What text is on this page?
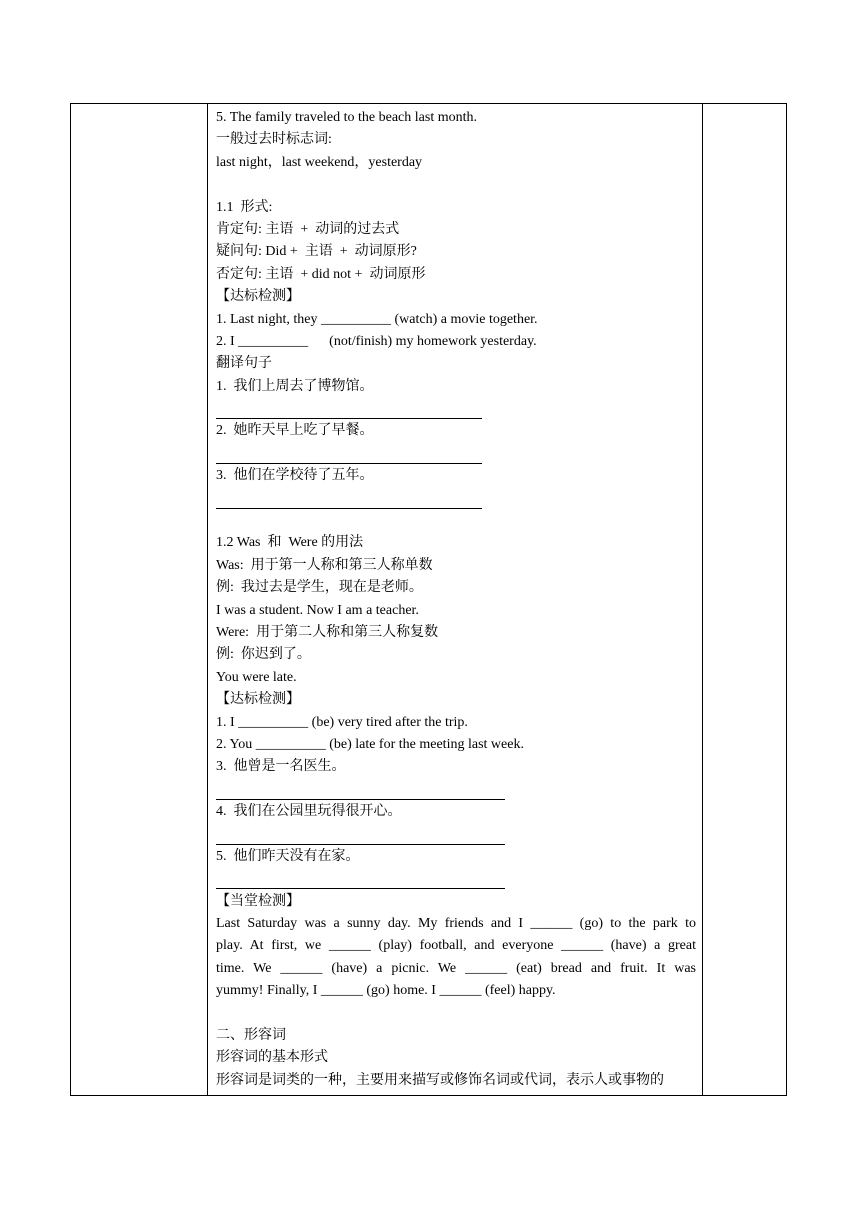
5. The family traveled to the beach last month.
一般过去时标志词:
last night，last weekend，yesterday
1.1  形式:
肯定句: 主语  +  动词的过去式
疑问句: Did +  主语  +  动词原形?
否定句: 主语  + did not +  动词原形
【达标检测】
1. Last night, they __________ (watch) a movie together.
2. I __________      (not/finish) my homework yesterday.
翻译句子
1.  我们上周去了博物馆。
2.  她昨天早上吃了早餐。
3.  他们在学校待了五年。
1.2 Was  和  Were 的用法
Was:  用于第一人称和第三人称单数
例:  我过去是学生，现在是老师。
I was a student. Now I am a teacher.
Were:  用于第二人称和第三人称复数
例:  你迟到了。
You were late.
【达标检测】
1. I __________ (be) very tired after the trip.
2. You __________ (be) late for the meeting last week.
3.  他曾是一名医生。
4.  我们在公园里玩得很开心。
5.  他们昨天没有在家。
【当堂检测】
Last Saturday was a sunny day. My friends and I ______ (go) to the park to
play. At first, we ______ (play) football, and everyone ______ (have) a great
time. We ______ (have) a picnic. We ______ (eat) bread and fruit. It was
yummy! Finally, I ______ (go) home. I ______ (feel) happy.
二、形容词
形容词的基本形式
形容词是词类的一种，主要用来描写或修饰名词或代词，表示人或事物的
